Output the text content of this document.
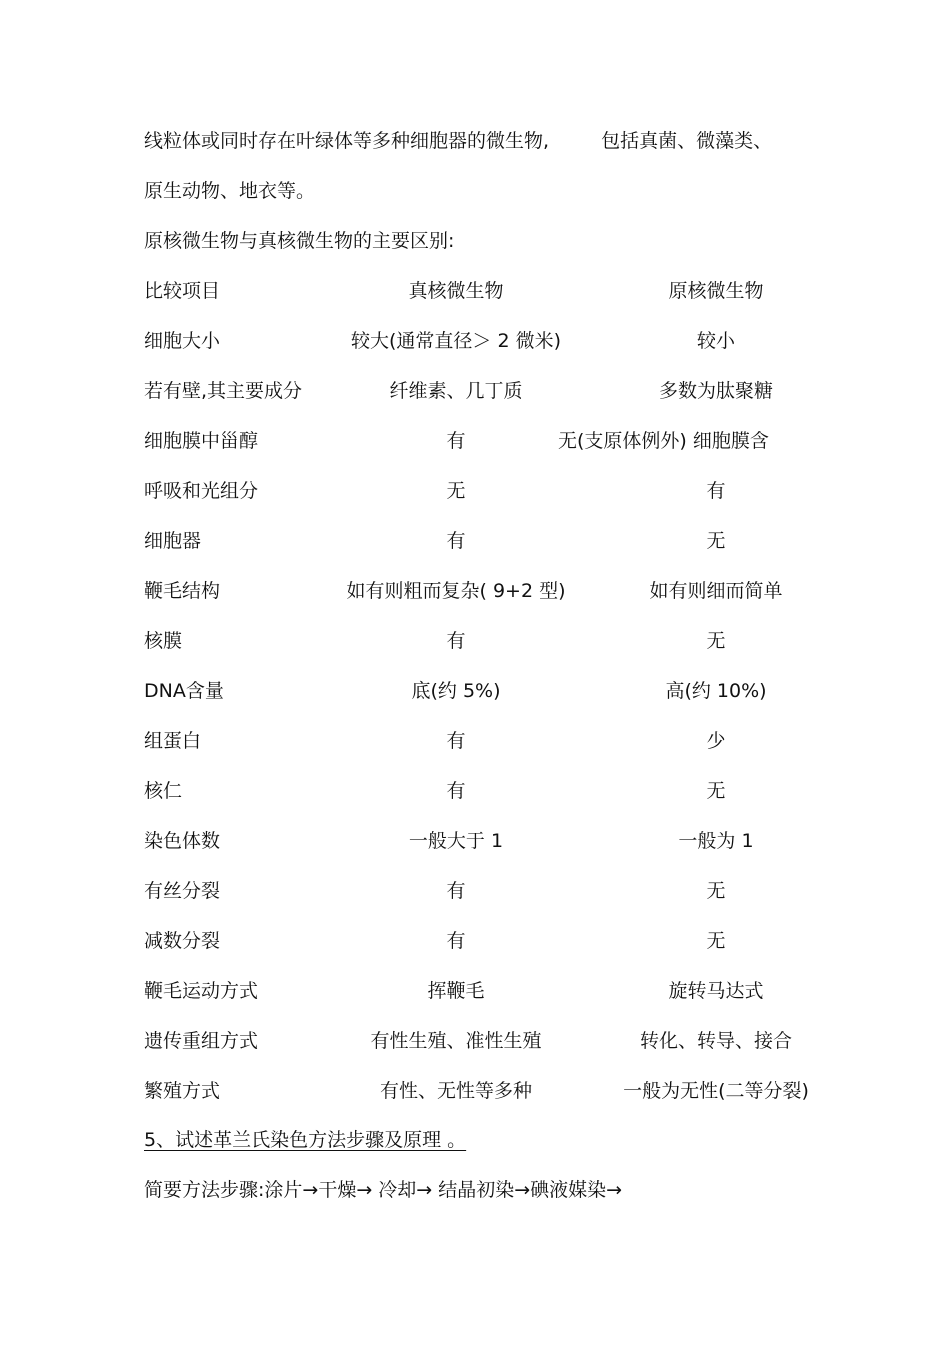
线粒体或同时存在叶绿体等多种细胞器的微生物,	包括真菌、微藻类、
原生动物、地衣等。
原核微生物与真核微生物的主要区别:
比较项目	真核微生物	原核微生物
细胞大小	较大(通常直径＞ 2 微米)	较小
若有壁,其主要成分	纤维素、几丁质	多数为肽聚糖
细胞膜中甾醇	有	无(支原体例外) 细胞膜含
呼吸和光组分	无	有
细胞器	有	无
鞭毛结构	如有则粗而复杂( 9+2 型)	如有则细而简单
核膜	有	无
DNA含量	底(约 5%)	高(约 10%)
组蛋白	有	少
核仁	有	无
染色体数	一般大于 1	一般为 1
有丝分裂	有	无
减数分裂	有	无
鞭毛运动方式	挥鞭毛	旋转马达式
遗传重组方式	有性生殖、准性生殖	转化、转导、接合
繁殖方式	有性、无性等多种	一般为无性(二等分裂)
5、试述革兰氏染色方法步骤及原理 。
简要方法步骤:涂片→干燥→ 冷却→ 结晶初染→碘液媒染→
